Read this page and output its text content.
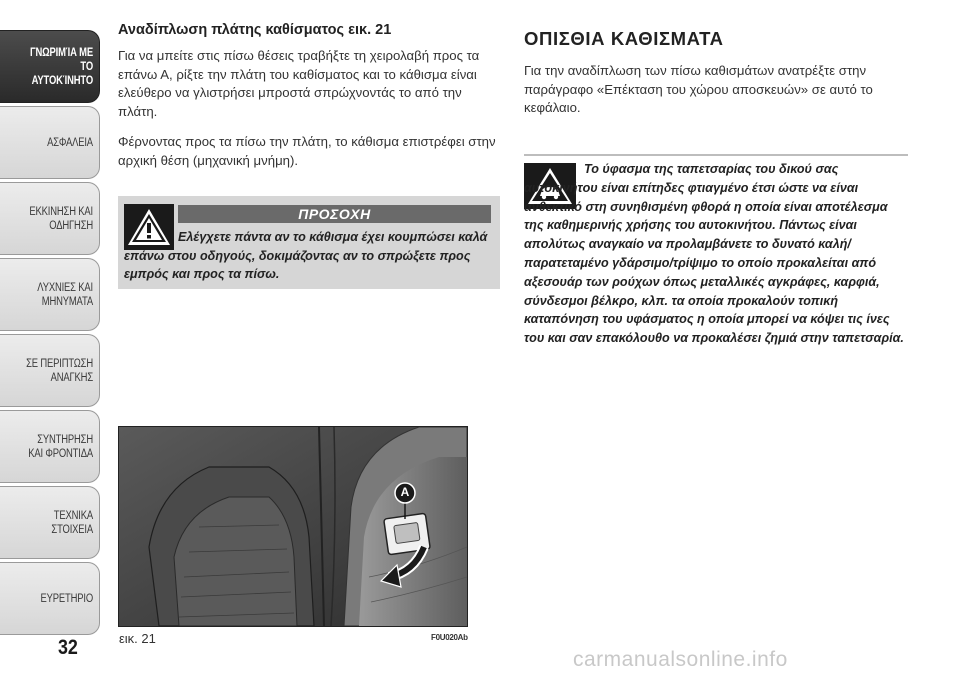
ΓΝΩΡΙΜΊΑ ΜΕ ΤΟ ΑΥΤΟΚΊΝΗΤΟ
ΑΣΦΑΛΕΙΑ
ΕΚΚΙΝΗΣΗ ΚΑΙ ΟΔΗΓΗΣΗ
ΛΥΧΝΙΕΣ ΚΑΙ ΜΗΝΥΜΑΤΑ
ΣΕ ΠΕΡΙΠΤΩΣΗ ΑΝΑΓΚΗΣ
ΣΥΝΤΗΡΗΣΗ ΚΑΙ ΦΡΟΝΤΙΔΑ
ΤΕΧΝΙΚΑ ΣΤΟΙΧΕΙΑ
ΕΥΡΕΤΗΡΙΟ
32
Αναδίπλωση πλάτης καθίσματος εικ. 21

Για να μπείτε στις πίσω θέσεις τραβήξτε τη χειρολαβή προς τα επάνω Α, ρίξτε την πλάτη του καθίσματος και το κάθισμα είναι ελεύθερο να γλιστρήσει μπροστά σπρώχνοντάς το από την πλάτη.

Φέρνοντας προς τα πίσω την πλάτη, το κάθισμα επιστρέφει στην αρχική θέση (μηχανική μνήμη).

ΠΡΟΣΟΧΗ
Ελέγχετε πάντα αν το κάθισμα έχει κουμπώσει καλά επάνω στου οδηγούς, δοκιμάζοντας αν το σπρώξετε προς εμπρός και προς τα πίσω.
A
εικ. 21	F0U020Ab
ΟΠΙΣΘΙΑ ΚΑΘΙΣΜΑΤΑ

Για την αναδίπλωση των πίσω καθισμάτων ανατρέξτε στην παράγραφο «Επέκταση του χώρου αποσκευών» σε αυτό το κεφάλαιο.

Το ύφασμα της ταπετσαρίας του δικού σας αυτοκινήτου είναι επίτηδες φτιαγμένο έτσι ώστε να είναι ανθεκτικό στη συνηθισμένη φθορά η οποία είναι αποτέλεσμα της καθημερινής χρήσης του αυτοκινήτου. Πάντως είναι απολύτως αναγκαίο να προλαμβάνετε το δυνατό καλή/ παρατεταμένο γδάρσιμο/τρίψιμο το οποίο προκαλείται από αξεσουάρ των ρούχων όπως μεταλλικές αγκράφες, καρφιά, σύνδεσμοι βέλκρο, κλπ. τα οποία προκαλούν τοπική καταπόνηση του υφάσματος η οποία μπορεί να κόψει τις ίνες του και σαν επακόλουθο να προκαλέσει ζημιά στην ταπετσαρία.
carmanualsonline.info
